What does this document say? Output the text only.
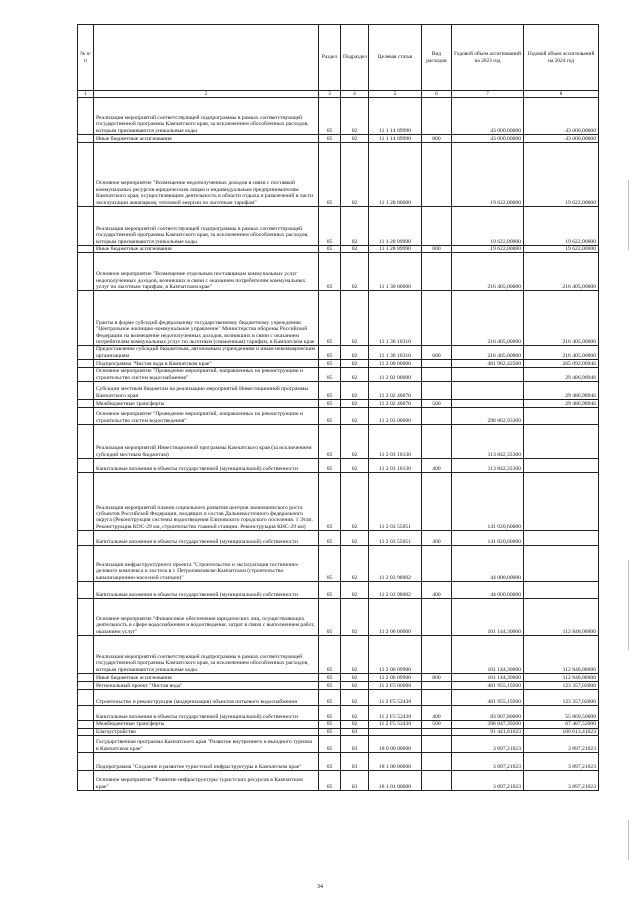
№ п/п		Раздел	Подраздел	Целевая статья	Вид расходов	Годовой объем ассигнований на 2023 год	Годовой объем ассигнований на 2024 год
1	2	3	4	5	6	7	8
	Реализация мероприятий соответствующей подпрограммы в рамках соответствующей государственной программы Камчатского края, за исключением обособленных расходов, которым присваиваются уникальные коды	05	02	11 1 14 09990		43 000,00000	43 000,00000
	Иные бюджетные ассигнования	05	02	11 1 14 09990	800	43 000,00000	43 000,00000
	Основное мероприятие "Возмещение недополученных доходов в связи с поставкой коммунальных ресурсов юридическим лицам и индивидуальным предпринимателям Камчатского края, осуществляющим деятельность в области отдыха и развлечений в части эксплуатации аквапарков, тепловой энергии по льготным тарифам"	05	02	11 1 28 00000		19 622,00000	19 622,00000
	Реализация мероприятий соответствующей подпрограммы в рамках соответствующей государственной программы Камчатского края, за исключением обособленных расходов, которым присваиваются уникальные коды	05	02	11 1 28 09990		19 622,00000	19 622,00000
	Иные бюджетные ассигнования	05	02	11 1 28 09990	800	19 622,00000	19 622,00000
	Основное мероприятие "Возмещение отдельным поставщикам коммунальных услуг недополученных доходов, возникших в связи с оказанием потребителям коммунальных услуг по льготным тарифам, в Камчатском крае"	05	02	11 1 30 00000		216 405,00000	216 405,00000
	Гранты в форме субсидий федеральному государственному бюджетному учреждению "Центральное жилищно-коммунальное управление" Министерства обороны Российской Федерации на возмещение недополученных доходов, возникших в связи с оказанием потребителям коммунальных услуг по льготным (сниженным) тарифам, в Камчатском крае	05	02	11 1 30 10310		216 405,00000	216 405,00000
	Предоставление субсидий бюджетным, автономным учреждениям и иным некоммерческим организациям	05	02	11 1 30 10310	600	216 405,00000	216 405,00000
	Подпрограмма "Чистая вода в Камчатском крае"	05	02	11 2 00 00000		481 962,42500	265 092,00946
	Основное мероприятие "Проведение мероприятий, направленных на реконструкцию и строительство систем водоснабжения"	05	02	11 2 02 00000			29 486,98946
	Субсидии местным бюджетам на реализацию мероприятий Инвестиционной программы Камчатского края	05	02	11 2 02 40070			29 486,98946
	Межбюджетные трансферты	05	02	11 2 02 40070	500		29 486,98946
	Основное мероприятие "Проведение мероприятий, направленных на реконструкцию и строительство систем водоотведения"	05	02	11 2 03 00000		298 862,93300	
	Реализация мероприятий Инвестиционной программы Камчатского края (за исключением субсидий местным бюджетам)	05	02	11 2 03 10130		113 842,33300	
	Капитальные вложения в объекты государственной (муниципальной) собственности	05	02	11 2 03 10130	400	113 842,33300	
	Реализация мероприятий планов социального развития центров экономического роста субъектов Российской Федерации, входящих в состав Дальневосточного федерального округа (Реконструкция системы водоотведения Елизовского городского поселения. 1 Этап. Реконструкция КОС-29 км, строительство главной станции. Реконструкция КНС-29 км)	05	02	11 2 03 55051		141 020,60000	
	Капитальные вложения в объекты государственной (муниципальной) собственности	05	02	11 2 03 55051	400	141 020,60000	
	Реализация инфраструктурного проекта "Строительство и эксплуатация гостинично-делового комплекса и хостела в г. Петропавловске-Камчатском (строительство канализационно-насосной станции)"	05	02	11 2 03 98002		44 000,00000	
	Капитальные вложения в объекты государственной (муниципальной) собственности	05	02	11 2 03 98002	400	44 000,00000	
	Основное мероприятие "Финансовое обеспечение юридических лиц, осуществляющих деятельность в сфере водоснабжения и водоотведения, затрат в связи с выполнением работ, оказанием услуг"	05	02	11 2 06 00000		101 144,30000	112 848,00000
	Реализация мероприятий соответствующей подпрограммы в рамках соответствующей государственной программы Камчатского края, за исключением обособленных расходов, которым присваиваются уникальные коды	05	02	11 2 06 09990		101 144,30000	112 848,00000
	Иные бюджетные ассигнования	05	02	11 2 06 09990	800	101 144,30000	112 848,00000
	Региональный проект "Чистая вода"	05	02	11 2 F5 00000		481 955,19200	123 357,02000
	Строительство и реконструкция (модернизация) объектов питьевого водоснабжения	05	02	11 2 F5 52430		481 955,19200	123 357,02000
	Капитальные вложения в объекты государственной (муниципальной) собственности	05	02	11 2 F5 52430	400	83 907,80000	55 869,50000
	Межбюджетные трансферты	05	02	11 2 F5 52430	500	398 047,39200	67 487,52000
	Благоустройство	05	03			91 441,81023	100 613,41023
	Государственная программа Камчатского края "Развитие внутреннего и въездного туризма в Камчатском крае"	05	03	18 0 00 00000		3 897,21023	3 897,21023
	Подпрограмма "Создание и развитие туристской инфраструктуры в Камчатском крае"	05	03	18 1 00 00000		3 897,21023	3 897,21023
	Основное мероприятие "Развитие инфраструктуры туристских ресурсов в Камчатском крае"	05	03	18 1 01 00000		3 897,21023	3 897,21023
34
